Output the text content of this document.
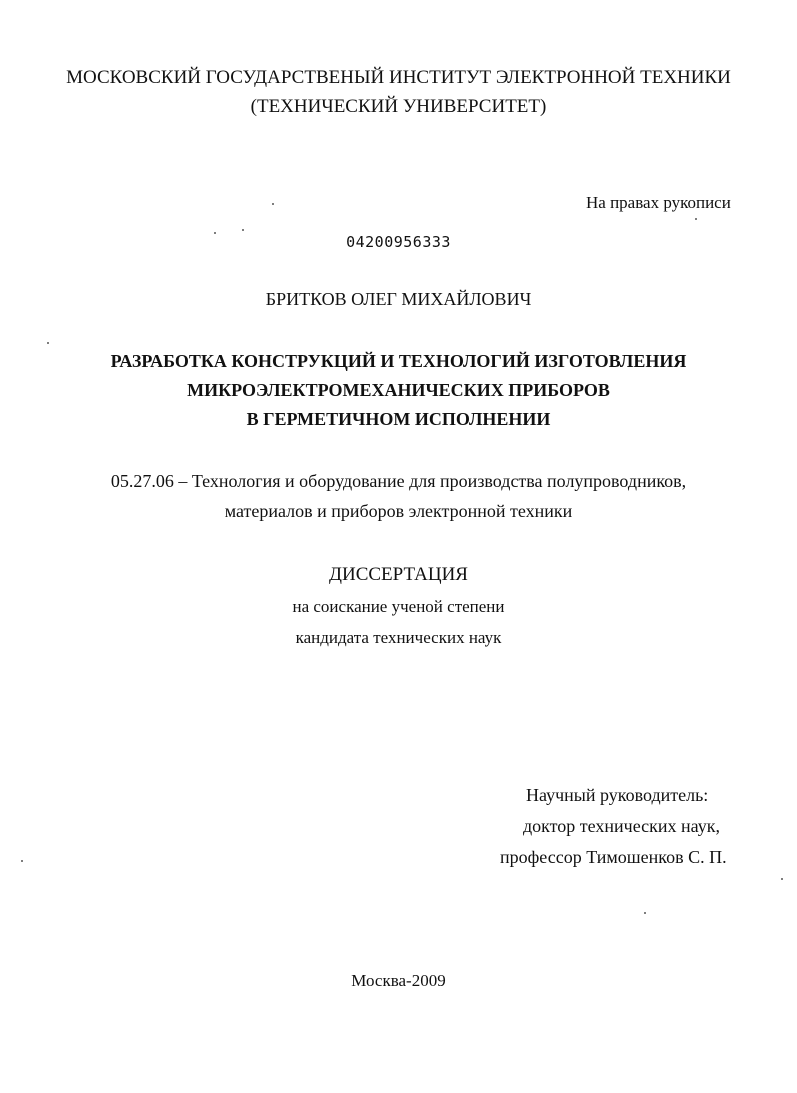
МОСКОВСКИЙ ГОСУДАРСТВЕНЫЙ ИНСТИТУТ ЭЛЕКТРОННОЙ ТЕХНИКИ
(ТЕХНИЧЕСКИЙ УНИВЕРСИТЕТ)
На правах рукописи
04200956333
БРИТКОВ ОЛЕГ МИХАЙЛОВИЧ
РАЗРАБОТКА КОНСТРУКЦИЙ И ТЕХНОЛОГИЙ ИЗГОТОВЛЕНИЯ
МИКРОЭЛЕКТРОМЕХАНИЧЕСКИХ ПРИБОРОВ
В ГЕРМЕТИЧНОМ ИСПОЛНЕНИИ
05.27.06 – Технология и оборудование для производства полупроводников,
материалов и приборов электронной техники
ДИССЕРТАЦИЯ
на соискание ученой степени
кандидата технических наук
Научный руководитель:
доктор технических наук,
профессор Тимошенков С. П.
Москва-2009
